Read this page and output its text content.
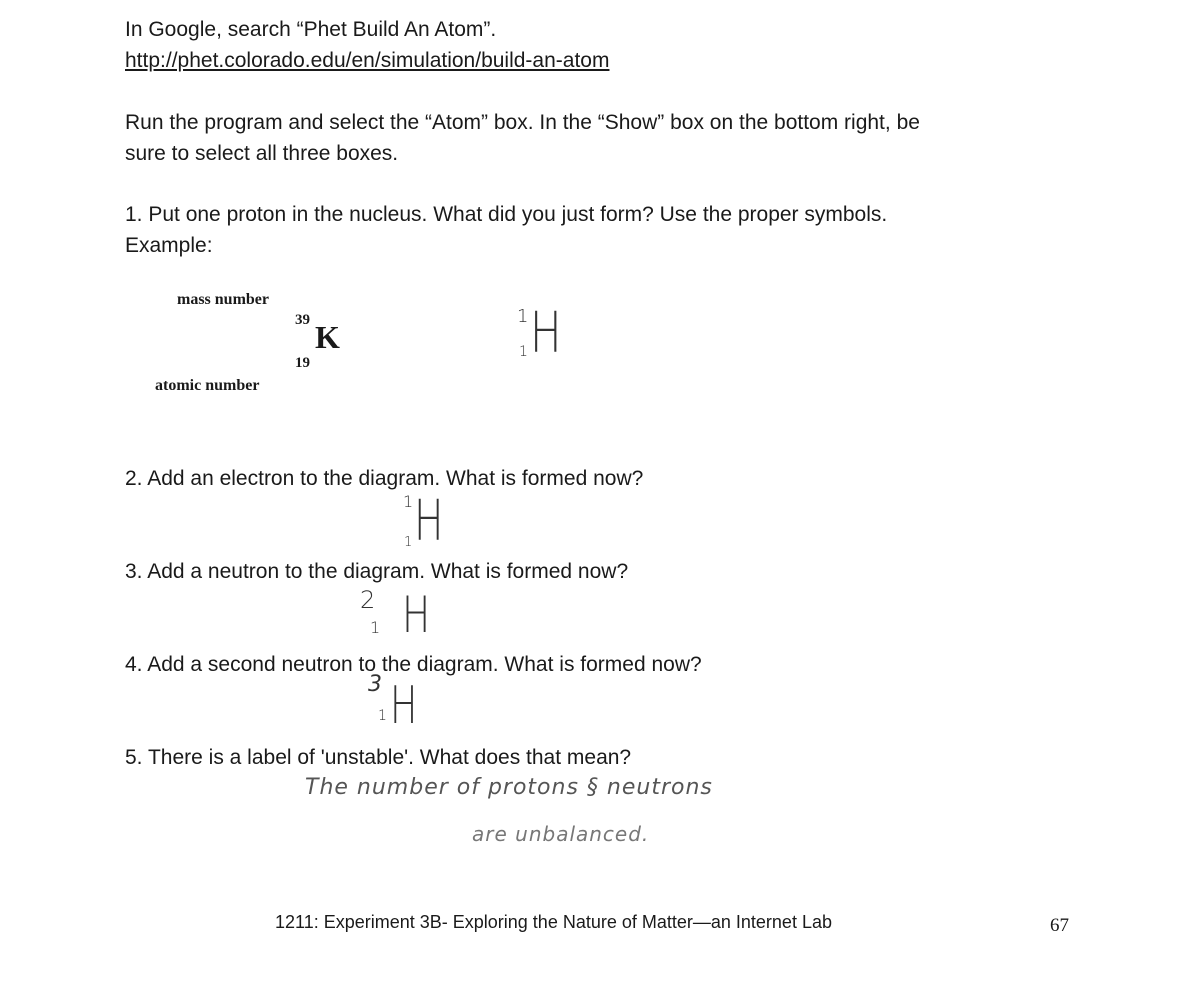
In Google, search “Phet Build An Atom”.
http://phet.colorado.edu/en/simulation/build-an-atom
Run the program and select the “Atom” box. In the “Show” box on the bottom right, be
sure to select all three boxes.
1. Put one proton in the nucleus. What did you just form? Use the proper symbols.
Example:
mass number
atomic number
39
19
K
1
1 H
2. Add an electron to the diagram. What is formed now?
1
1 H
3. Add a neutron to the diagram. What is formed now?
2
1 H
4. Add a second neutron to the diagram. What is formed now?
3
1 H
5. There is a label of 'unstable'. What does that mean?
The number of protons § neutrons
are unbalanced.
1211: Experiment 3B- Exploring the Nature of Matter—an Internet Lab	67
